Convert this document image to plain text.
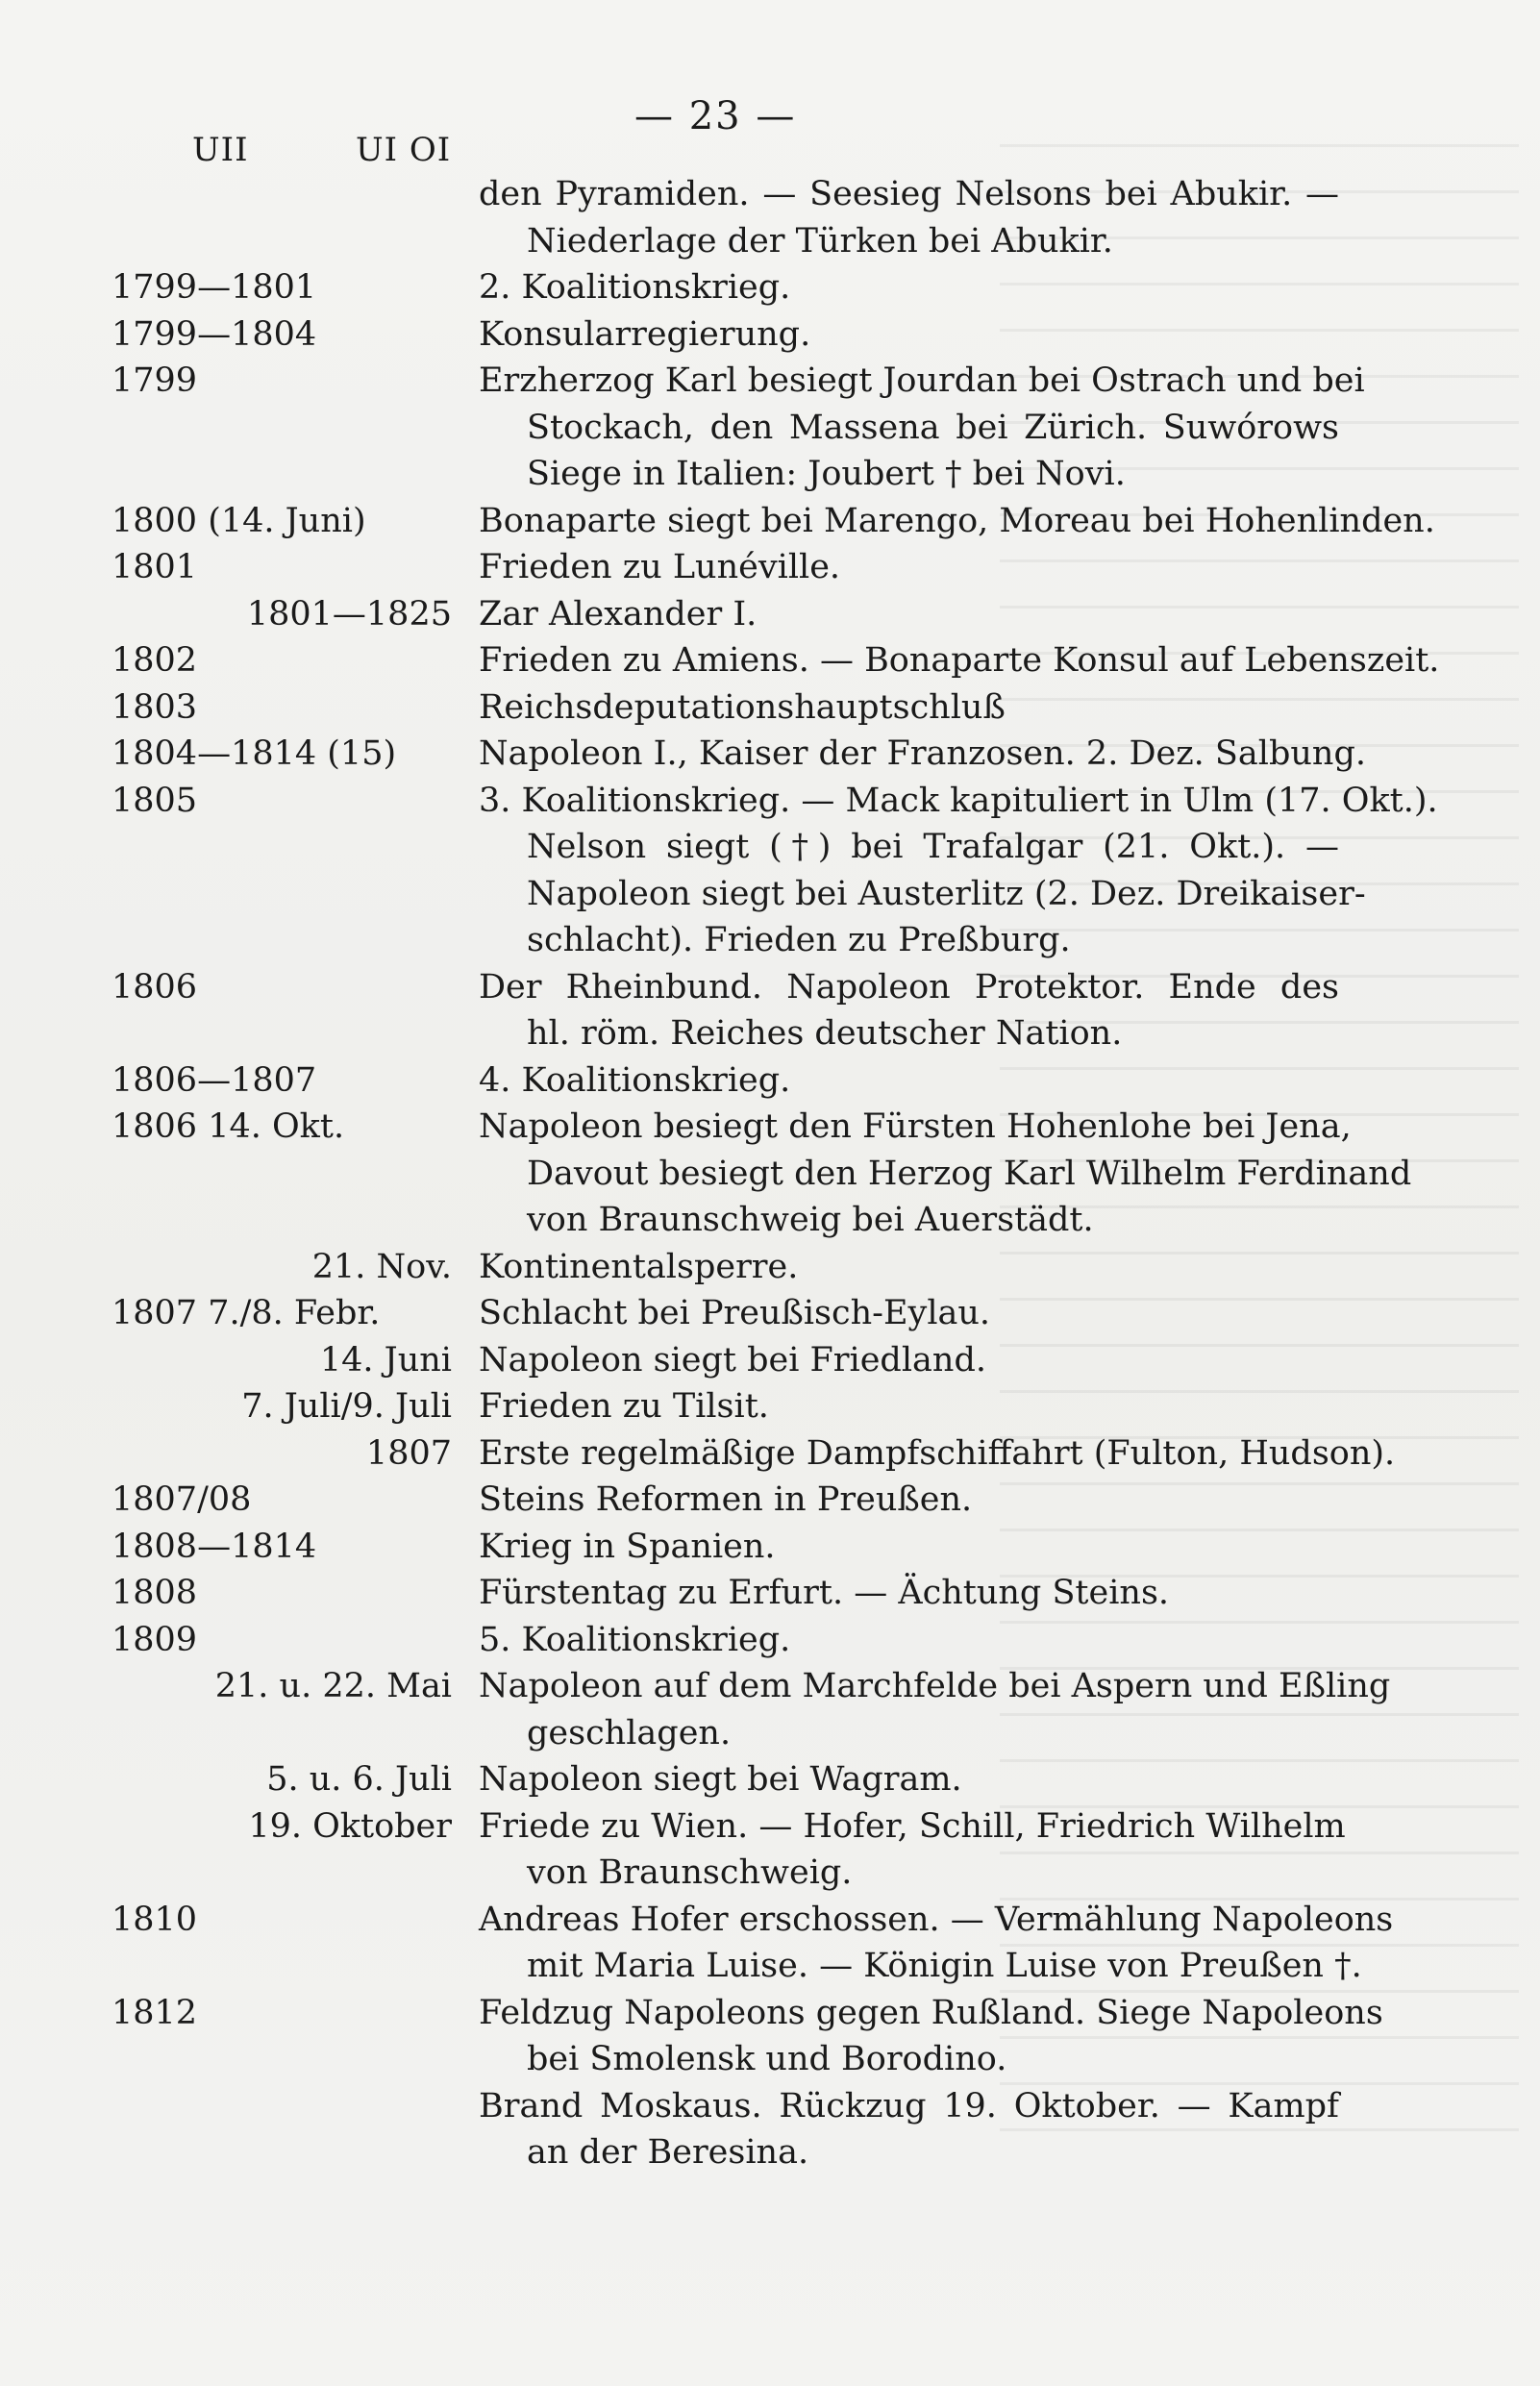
— 23 —
UII	UI OI
den Pyramiden. — Seesieg Nelsons bei Abukir. —
Niederlage der Türken bei Abukir.
1799—1801	2. Koalitionskrieg.
1799—1804	Konsularregierung.
1799	Erzherzog Karl besiegt Jourdan bei Ostrach und bei
Stockach, den Massena bei Zürich. Suwórows
Siege in Italien: Joubert † bei Novi.
1800 (14. Juni)	Bonaparte siegt bei Marengo, Moreau bei Hohenlinden.
1801	Frieden zu Lunéville.
1801—1825 Zar Alexander I.
1802	Frieden zu Amiens. — Bonaparte Konsul auf Lebenszeit.
1803	Reichsdeputationshauptschluß
1804—1814 (15) Napoleon I., Kaiser der Franzosen. 2. Dez. Salbung.
1805	3. Koalitionskrieg. — Mack kapituliert in Ulm (17. Okt.).
Nelson siegt (†) bei Trafalgar (21. Okt.). —
Napoleon siegt bei Austerlitz (2. Dez. Dreikaiser-
schlacht). Frieden zu Preßburg.
1806	Der Rheinbund. Napoleon Protektor. Ende des
hl. röm. Reiches deutscher Nation.
1806—1807	4. Koalitionskrieg.
1806 14. Okt.	Napoleon besiegt den Fürsten Hohenlohe bei Jena,
Davout besiegt den Herzog Karl Wilhelm Ferdinand
von Braunschweig bei Auerstädt.
21. Nov. Kontinentalsperre.
1807 7./8. Febr.	Schlacht bei Preußisch-Eylau.
14. Juni Napoleon siegt bei Friedland.
7. Juli/9. Juli Frieden zu Tilsit.
1807 Erste regelmäßige Dampfschiffahrt (Fulton, Hudson).
1807/08	Steins Reformen in Preußen.
1808—1814	Krieg in Spanien.
1808	Fürstentag zu Erfurt. — Ächtung Steins.
1809	5. Koalitionskrieg.
21. u. 22. Mai Napoleon auf dem Marchfelde bei Aspern und Eßling
geschlagen.
5. u. 6. Juli Napoleon siegt bei Wagram.
19. Oktober Friede zu Wien. — Hofer, Schill, Friedrich Wilhelm
von Braunschweig.
1810	Andreas Hofer erschossen. — Vermählung Napoleons
mit Maria Luise. — Königin Luise von Preußen †.
1812	Feldzug Napoleons gegen Rußland. Siege Napoleons
bei Smolensk und Borodino.
Brand Moskaus. Rückzug 19. Oktober. — Kampf
an der Beresina.
